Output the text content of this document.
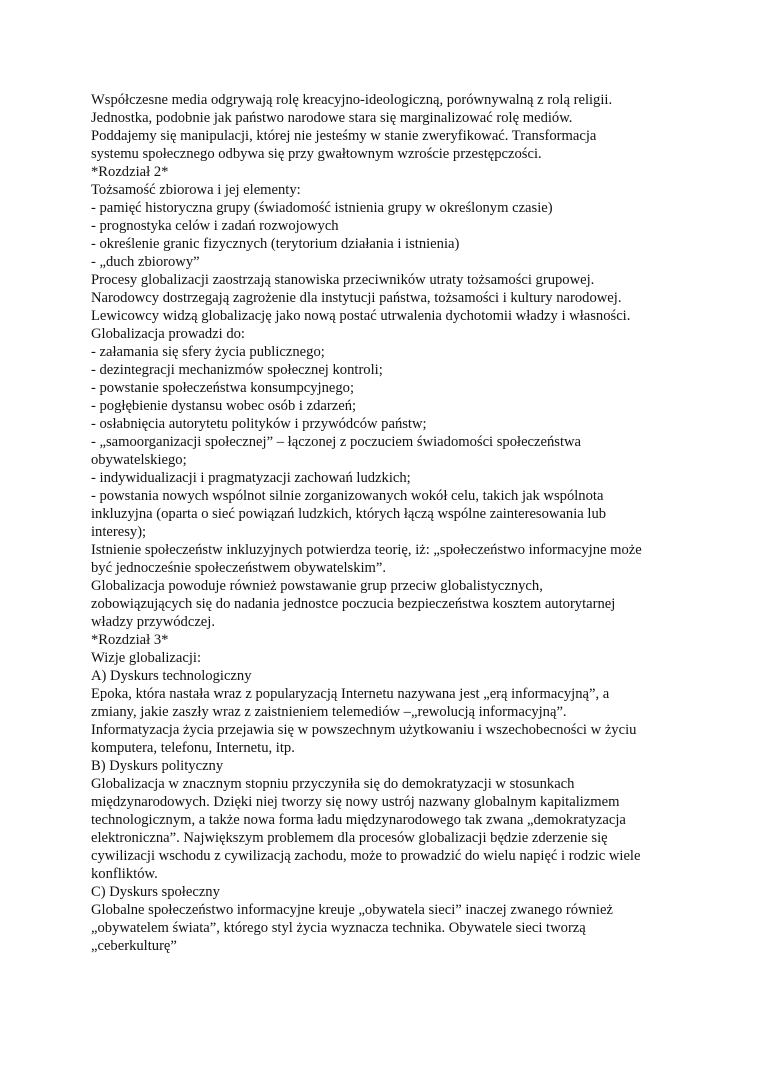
Współczesne media odgrywają rolę kreacyjno-ideologiczną, porównywalną z rolą religii.
Jednostka, podobnie jak państwo narodowe stara się marginalizować rolę mediów.
Poddajemy się manipulacji, której nie jesteśmy w stanie zweryfikować. Transformacja
systemu społecznego odbywa się przy gwałtownym wzroście przestępczości.
*Rozdział 2*
Tożsamość zbiorowa i jej elementy:
- pamięć historyczna grupy (świadomość istnienia grupy w określonym czasie)
- prognostyka celów i zadań rozwojowych
- określenie granic fizycznych (terytorium działania i istnienia)
- „duch zbiorowy”
Procesy globalizacji zaostrzają stanowiska przeciwników utraty tożsamości grupowej.
Narodowcy dostrzegają zagrożenie dla instytucji państwa, tożsamości i kultury narodowej.
Lewicowcy widzą globalizację jako nową postać utrwalenia dychotomii władzy i własności.
Globalizacja prowadzi do:
- załamania się sfery życia publicznego;
- dezintegracji mechanizmów społecznej kontroli;
- powstanie społeczeństwa konsumpcyjnego;
- pogłębienie dystansu wobec osób i zdarzeń;
- osłabnięcia autorytetu polityków i przywódców państw;
- „samoorganizacji społecznej” – łączonej z poczuciem świadomości społeczeństwa
obywatelskiego;
- indywidualizacji i pragmatyzacji zachowań ludzkich;
- powstania nowych wspólnot silnie zorganizowanych wokół celu, takich jak wspólnota
inkluzyjna (oparta o sieć powiązań ludzkich, których łączą wspólne zainteresowania lub
interesy);
Istnienie społeczeństw inkluzyjnych potwierdza teorię, iż: „społeczeństwo informacyjne może
być jednocześnie społeczeństwem obywatelskim”.
Globalizacja powoduje również powstawanie grup przeciw globalistycznych,
zobowiązujących się do nadania jednostce poczucia bezpieczeństwa kosztem autorytarnej
władzy przywódczej.
*Rozdział 3*
Wizje globalizacji:
A) Dyskurs technologiczny
Epoka, która nastała wraz z popularyzacją Internetu nazywana jest „erą informacyjną”, a
zmiany, jakie zaszły wraz z zaistnieniem telemediów –„rewolucją informacyjną”.
Informatyzacja życia przejawia się w powszechnym użytkowaniu i wszechobecności w życiu
komputera, telefonu, Internetu, itp.
B) Dyskurs polityczny
Globalizacja w znacznym stopniu przyczyniła się do demokratyzacji w stosunkach
międzynarodowych. Dzięki niej tworzy się nowy ustrój nazwany globalnym kapitalizmem
technologicznym, a także nowa forma ładu międzynarodowego tak zwana „demokratyzacja
elektroniczna”. Największym problemem dla procesów globalizacji będzie zderzenie się
cywilizacji wschodu z cywilizacją zachodu, może to prowadzić do wielu napięć i rodzic wiele
konfliktów.
C) Dyskurs społeczny
Globalne społeczeństwo informacyjne kreuje „obywatela sieci” inaczej zwanego również
„obywatelem świata”, którego styl życia wyznacza technika. Obywatele sieci tworzą
„ceberkulturę”
